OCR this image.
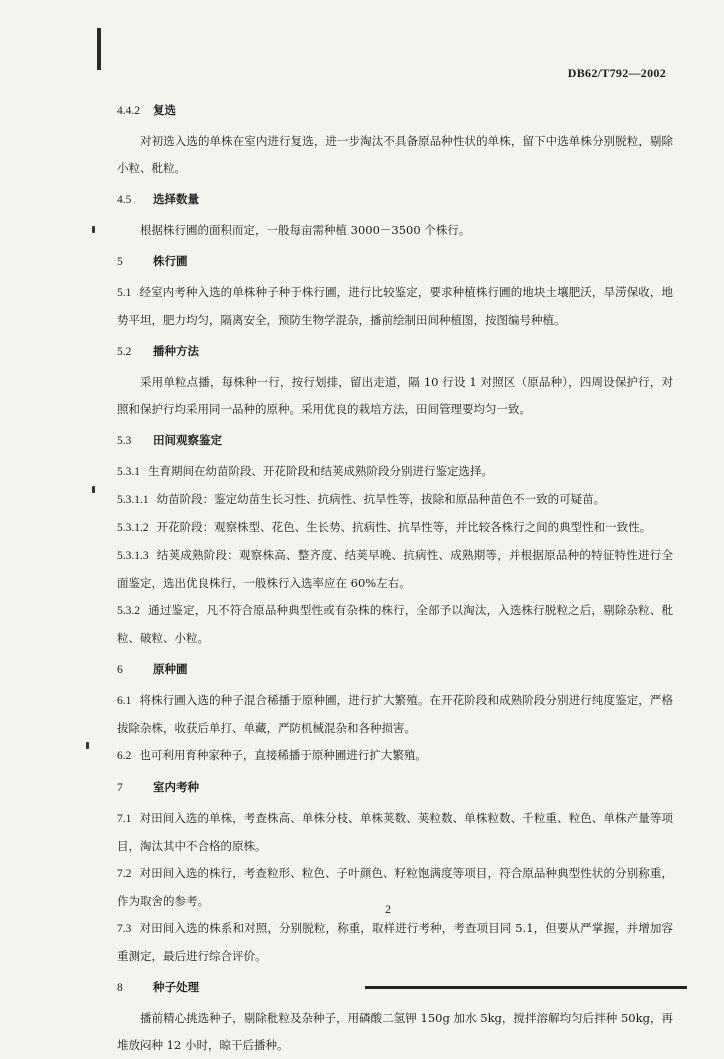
DB62/T792—2002
4.4.2 复选

对初选入选的单株在室内进行复选，进一步淘汰不具备原品种性状的单株，留下中选单株分别脱粒，剔除小粒、秕粒。

4.5 选择数量

根据株行圃的面积而定，一般每亩需种植 3000－3500 个株行。

5	株行圃

5.1 经室内考种入选的单株种子种于株行圃，进行比较鉴定，要求种植株行圃的地块土壤肥沃，旱涝保收，地势平坦，肥力均匀，隔离安全，预防生物学混杂，播前绘制田间种植图，按图编号种植。

5.2 播种方法

采用单粒点播，每株种一行，按行划排，留出走道，隔 10 行设 1 对照区（原品种），四周设保护行，对照和保护行均采用同一品种的原种。采用优良的栽培方法，田间管理要均匀一致。

5.3 田间观察鉴定

5.3.1 生育期间在幼苗阶段、开花阶段和结荚成熟阶段分别进行鉴定选择。

5.3.1.1 幼苗阶段：鉴定幼苗生长习性、抗病性、抗旱性等，拔除和原品种苗色不一致的可疑苗。

5.3.1.2 开花阶段：观察株型、花色、生长势、抗病性、抗旱性等，并比较各株行之间的典型性和一致性。

5.3.1.3 结荚成熟阶段：观察株高、整齐度、结荚早晚、抗病性、成熟期等，并根据原品种的特征特性进行全面鉴定，选出优良株行，一般株行入选率应在 60%左右。

5.3.2 通过鉴定，凡不符合原品种典型性或有杂株的株行，全部予以淘汰，入选株行脱粒之后，剔除杂粒、秕粒、破粒、小粒。

6	原种圃

6.1 将株行圃入选的种子混合稀播于原种圃，进行扩大繁殖。在开花阶段和成熟阶段分别进行纯度鉴定，严格拔除杂株，收获后单打、单藏，严防机械混杂和各种损害。

6.2 也可利用育种家种子，直接稀播于原种圃进行扩大繁殖。

7	室内考种

7.1 对田间入选的单株，考查株高、单株分枝、单株荚数、荚粒数、单株粒数、千粒重、粒色、单株产量等项目，淘汰其中不合格的原株。

7.2 对田间入选的株行，考查粒形、粒色、子叶颜色、籽粒饱满度等项目，符合原品种典型性状的分别称重，作为取舍的参考。

7.3 对田间入选的株系和对照，分别脱粒，称重，取样进行考种，考查项目同 5.1，但要从严掌握，并增加容重测定，最后进行综合评价。

8	种子处理

播前精心挑选种子，剔除秕粒及杂种子，用磷酸二氢钾 150g 加水 5kg，搅拌溶解均匀后拌种 50kg，再堆放闷种 12 小时，晾干后播种。

2
